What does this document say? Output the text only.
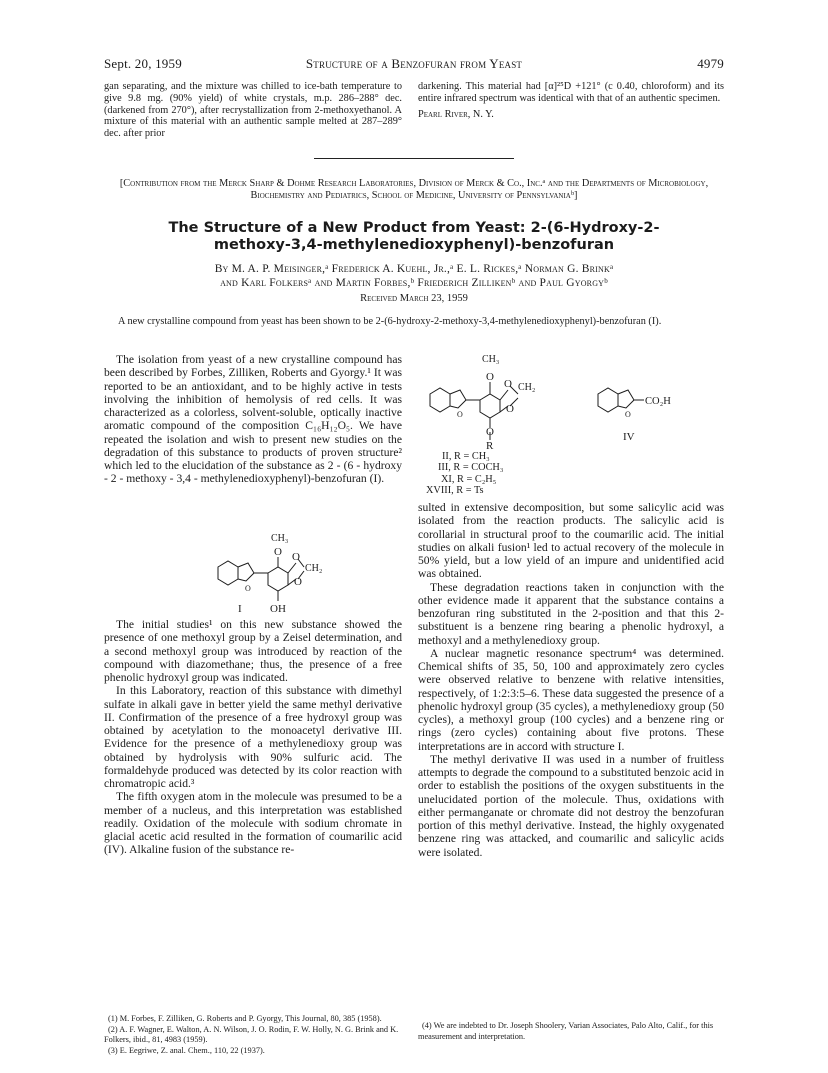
Sept. 20, 1959	Structure of a Benzofuran from Yeast	4979

gan separating, and the mixture was chilled to ice-bath temperature to give 9.8 mg. (90% yield) of white crystals, m.p. 286–288° dec. (darkened from 270°), after recrystallization from 2-methoxyethanol. A mixture of this material with an authentic sample melted at 287–289° dec. after prior

darkening. This material had [α]²⁵D +121° (c 0.40, chloroform) and its entire infrared spectrum was identical with that of an authentic specimen.

Pearl River, N. Y.

[Contribution from the Merck Sharp & Dohme Research Laboratories, Division of Merck & Co., Inc.ᵃ and the Departments of Microbiology, Biochemistry and Pediatrics, School of Medicine, University of Pennsylvaniaᵇ]
The Structure of a New Product from Yeast: 2-(6-Hydroxy-2-
methoxy-3,4-methylenedioxyphenyl)-benzofuran
By M. A. P. Meisinger,ᵃ Frederick A. Kuehl, Jr.,ᵃ E. L. Rickes,ᵃ Norman G. Brinkᵃ
and Karl Folkersᵃ and Martin Forbes,ᵇ Friederich Zillikenᵇ and Paul Gyorgyᵇ
Received March 23, 1959

A new crystalline compound from yeast has been shown to be 2-(6-hydroxy-2-methoxy-3,4-methylenedioxyphenyl)-benzofuran (I).

The isolation from yeast of a new crystalline compound has been described by Forbes, Zilliken, Roberts and Gyorgy.¹ It was reported to be an antioxidant, and to be highly active in tests involving the inhibition of hemolysis of red cells. It was characterized as a colorless, solvent-soluble, optically inactive aromatic compound of the composition C₁₆H₁₂O₅. We have repeated the isolation and wish to present new studies on the degradation of this substance to products of proven structure² which led to the elucidation of the substance as 2 - (6 - hydroxy - 2 - methoxy - 3,4 - methylenedioxyphenyl)-benzofuran (I).

CH₃
O O
CH₂
O
O
I	OH

The initial studies¹ on this new substance showed the presence of one methoxyl group by a Zeisel determination, and a second methoxyl group was introduced by reaction of the compound with diazomethane; thus, the presence of a free phenolic hydroxyl group was indicated.

In this Laboratory, reaction of this substance with dimethyl sulfate in alkali gave in better yield the same methyl derivative II. Confirmation of the presence of a free hydroxyl group was obtained by acetylation to the monoacetyl derivative III. Evidence for the presence of a methylenedioxy group was obtained by hydrolysis with 90% sulfuric acid. The formaldehyde produced was detected by its color reaction with chromatropic acid.³

The fifth oxygen atom in the molecule was presumed to be a member of a nucleus, and this interpretation was established readily. Oxidation of the molecule with sodium chromate in glacial acetic acid resulted in the formation of coumarilic acid (IV). Alkaline fusion of the substance re-

(1) M. Forbes, F. Zilliken, G. Roberts and P. Gyorgy, This Journal, 80, 385 (1958).
(2) A. F. Wagner, E. Walton, A. N. Wilson, J. O. Rodin, F. W. Holly, N. G. Brink and K. Folkers, ibid., 81, 4983 (1959).
(3) E. Eegriwe, Z. anal. Chem., 110, 22 (1937).
CH₃
O
O CH₂
O
O
O
R
O
CO₂H
IV
II, R = CH₃
III, R = COCH₃
XI, R = C₂H₅
XVIII, R = Ts

sulted in extensive decomposition, but some salicylic acid was isolated from the reaction products. The salicylic acid is corollarial in structural proof to the coumarilic acid. The initial studies on alkali fusion¹ led to actual recovery of the molecule in 50% yield, but a low yield of an impure and unidentified acid was obtained.

These degradation reactions taken in conjunction with the other evidence made it apparent that the substance contains a benzofuran ring substituted in the 2-position and that this 2-substituent is a benzene ring bearing a phenolic hydroxyl, a methoxyl and a methylenedioxy group.

A nuclear magnetic resonance spectrum⁴ was determined. Chemical shifts of 35, 50, 100 and approximately zero cycles were observed relative to benzene with relative intensities, respectively, of 1:2:3:5–6. These data suggested the presence of a phenolic hydroxyl group (35 cycles), a methylenedioxy group (50 cycles), a methoxyl group (100 cycles) and a benzene ring or rings (zero cycles) containing about five protons. These interpretations are in accord with structure I.

The methyl derivative II was used in a number of fruitless attempts to degrade the compound to a substituted benzoic acid in order to establish the positions of the oxygen substituents in the unelucidated portion of the molecule. Thus, oxidations with either permanganate or chromate did not destroy the benzofuran portion of this methyl derivative. Instead, the highly oxygenated benzene ring was attacked, and coumarilic and salicylic acids were isolated.

(4) We are indebted to Dr. Joseph Shoolery, Varian Associates, Palo Alto, Calif., for this measurement and interpretation.
